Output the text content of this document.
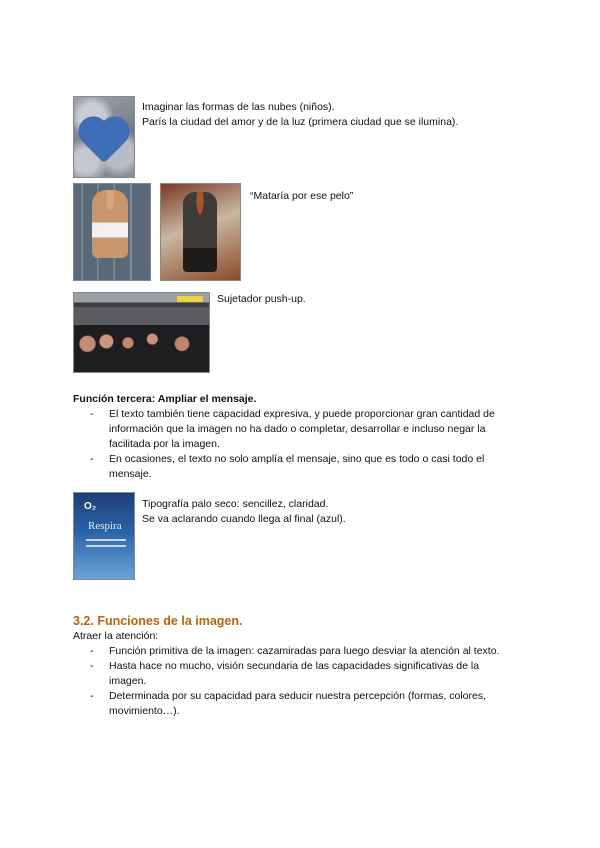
Imaginar las formas de las nubes (niños).
París la ciudad del amor y de la luz (primera ciudad que se ilumina).
“Mataría por ese pelo”
Sujetador push-up.
Función tercera: Ampliar el mensaje.
- El texto también tiene capacidad expresiva, y puede proporcionar gran cantidad de
información que la imagen no ha dado o completar, desarrollar e incluso negar la
facilitada por la imagen.
- En ocasiones, el texto no solo amplía el mensaje, sino que es todo o casi todo el
mensaje.
O₂
Respira
Tipografía palo seco: sencillez, claridad.
Se va aclarando cuando llega al final (azul).
3.2. Funciones de la imagen.
Atraer la atención:
- Función primitiva de la imagen: cazamiradas para luego desviar la atención al texto.
- Hasta hace no mucho, visión secundaria de las capacidades significativas de la
imagen.
- Determinada por su capacidad para seducir nuestra percepción (formas, colores,
movimiento…).
